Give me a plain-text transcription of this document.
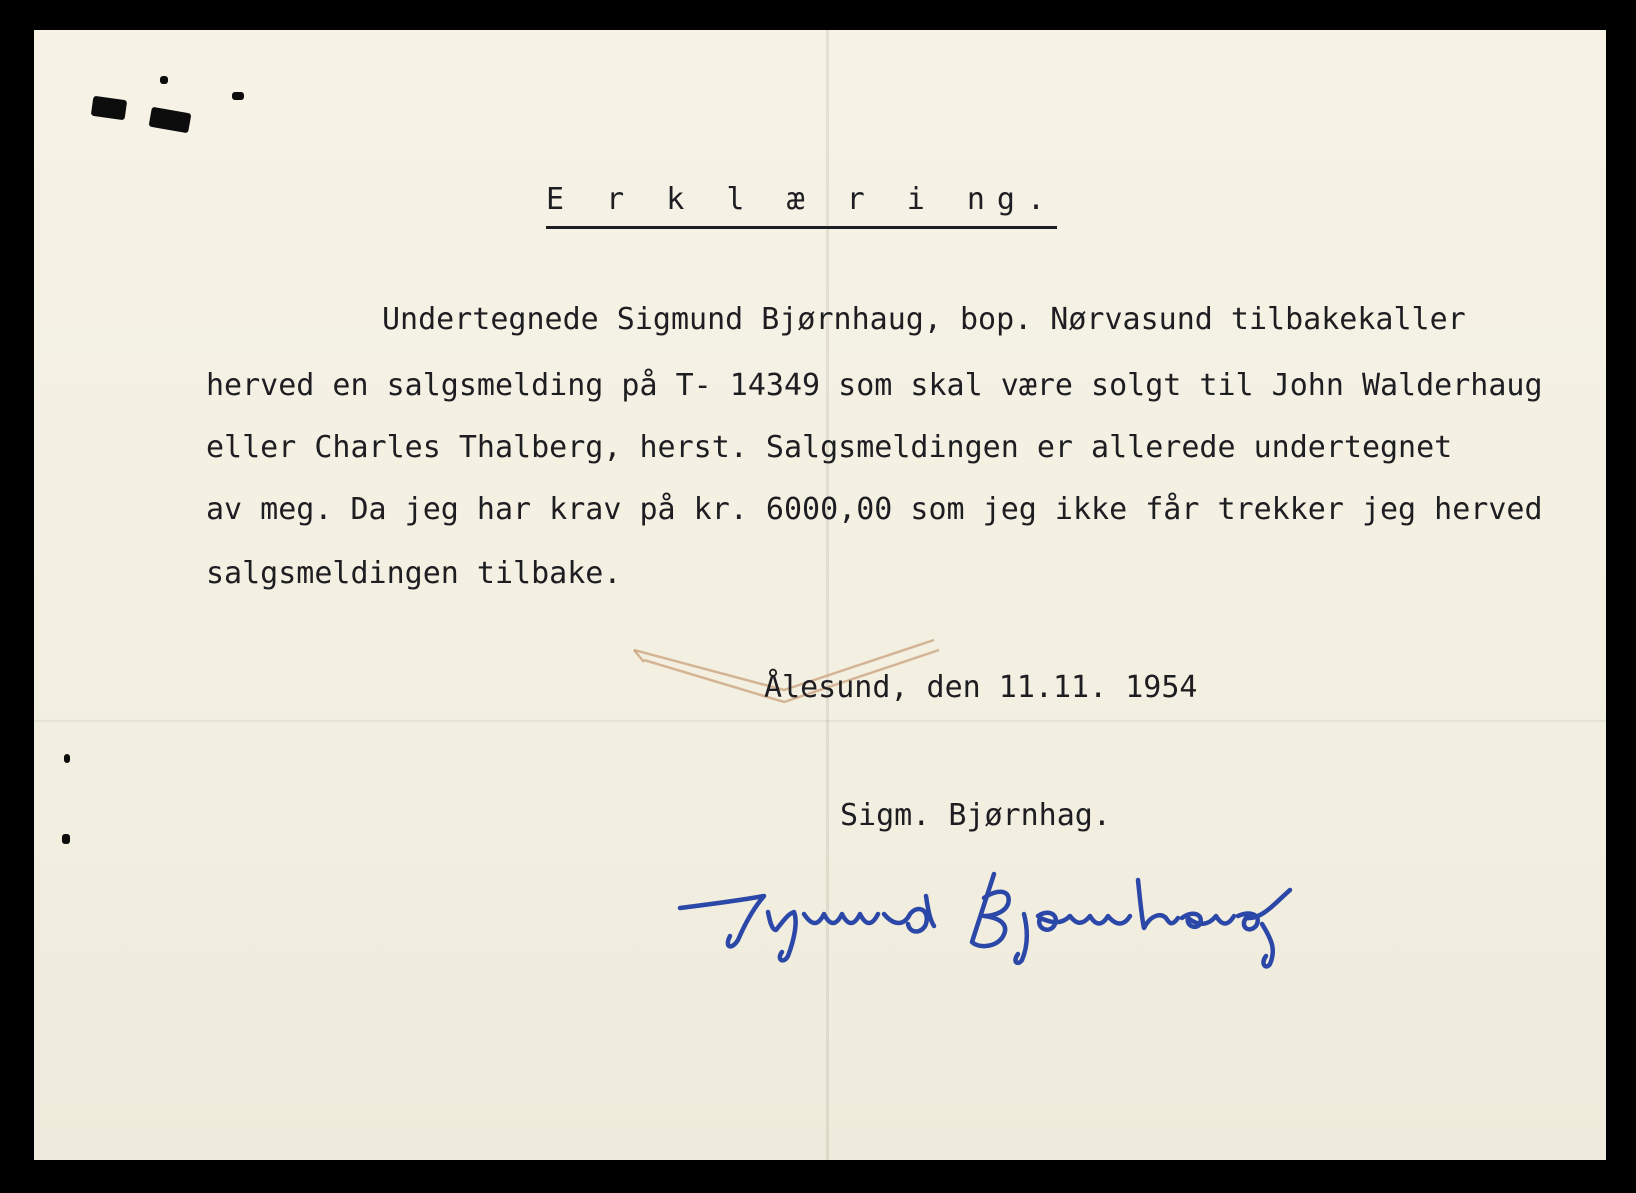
E r k l æ r i ng.
Undertegnede Sigmund Bjørnhaug, bop. Nørvasund tilbakekaller
herved en salgsmelding på T- 14349 som skal være solgt til John Walderhaug
eller Charles Thalberg, herst. Salgsmeldingen er allerede undertegnet
av meg. Da jeg har krav på kr. 6000,00 som jeg ikke får trekker jeg herved
salgsmeldingen tilbake.
Ålesund, den 11.11. 1954
Sigm. Bjørnhag.
